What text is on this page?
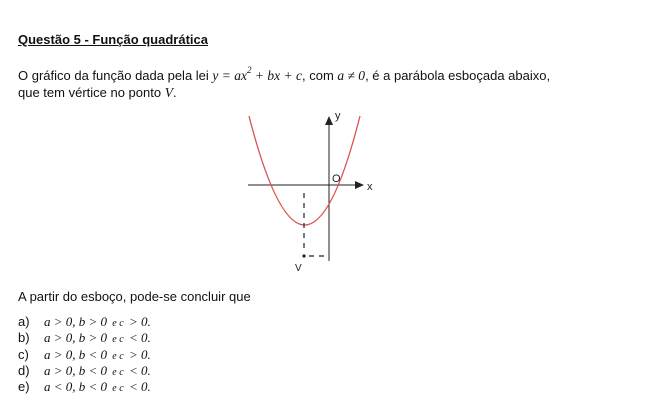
Questão 5 - Função quadrática
O gráfico da função dada pela lei $y = ax^2$ + bx + c, com a ≠ 0, é a parábola esboçada abaixo,
que tem vértice no ponto V.
y
x
O
V
A partir do esboço, pode-se concluir que
a)	a > 0, b > 0 e c > 0.
b)	a > 0, b > 0 e c < 0.
c)	a > 0, b < 0 e c > 0.
d)	a > 0, b < 0 e c < 0.
e)	a < 0, b < 0 e c < 0.
